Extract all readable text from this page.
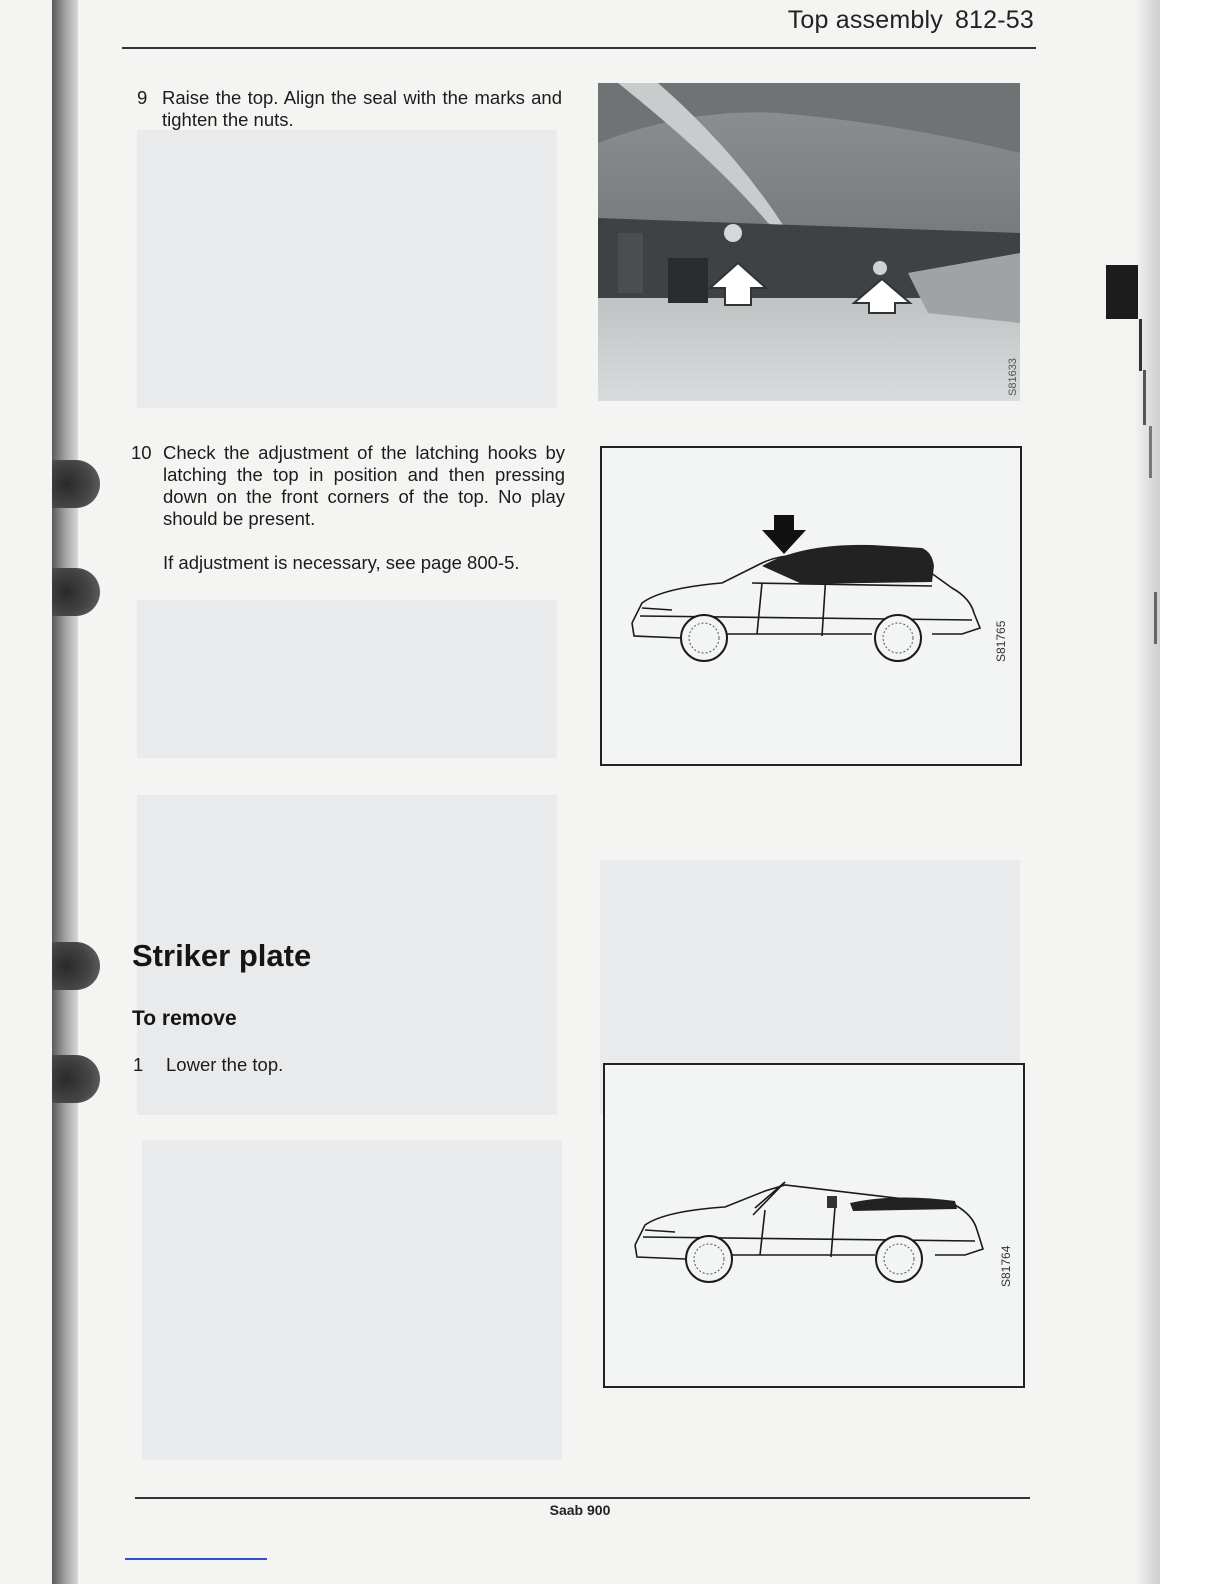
Top assembly 812-53
9 Raise the top. Align the seal with the marks and tighten the nuts.
10 Check the adjustment of the latching hooks by latching the top in position and then pressing down on the front corners of the top. No play should be present.
If adjustment is necessary, see page 800-5.
Striker plate
To remove
1 Lower the top.
S81633
S81765
S81764
Saab 900
